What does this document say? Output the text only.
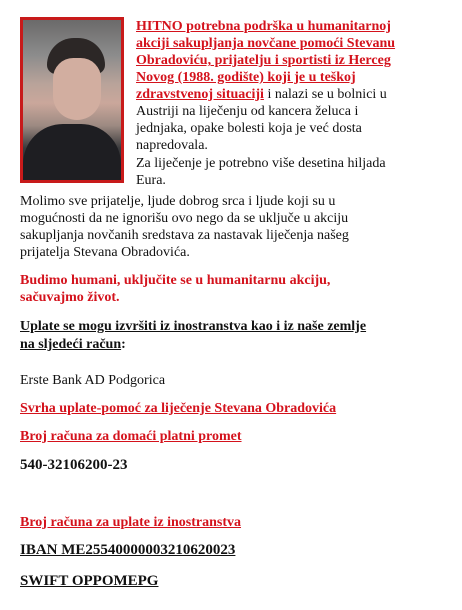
HITNO potrebna podrška u humanitarnoj

akciji sakupljanja novčane pomoći Stevanu

Obradoviću, prijatelju i sportisti iz Herceg

Novog (1988. godište) koji je u teškoj

zdravstvenoj situaciji i nalazi se u bolnici u

Austriji na liječenju od kancera želuca i

jednjaka, opake bolesti koja je već dosta

napredovala.

Za liječenje je potrebno više desetina hiljada

Eura.

Molimo sve prijatelje, ljude dobrog srca i ljude koji su u

mogućnosti da ne ignorišu ovo nego da se uključe u akciju

sakupljanja novčanih sredstava za nastavak liječenja našeg

prijatelja Stevana Obradovića.

Budimo humani, uključite se u humanitarnu akciju,

sačuvajmo život.

Uplate se mogu izvršiti iz inostranstva kao i iz naše zemlje

na sljedeći račun:

Erste Bank AD Podgorica

Svrha uplate-pomoć za liječenje Stevana Obradovića

Broj računa za domaći platni promet

540-32106200-23

Broj računa za uplate iz inostranstva

IBAN ME25540000003210620023

SWIFT OPPOMEPG
